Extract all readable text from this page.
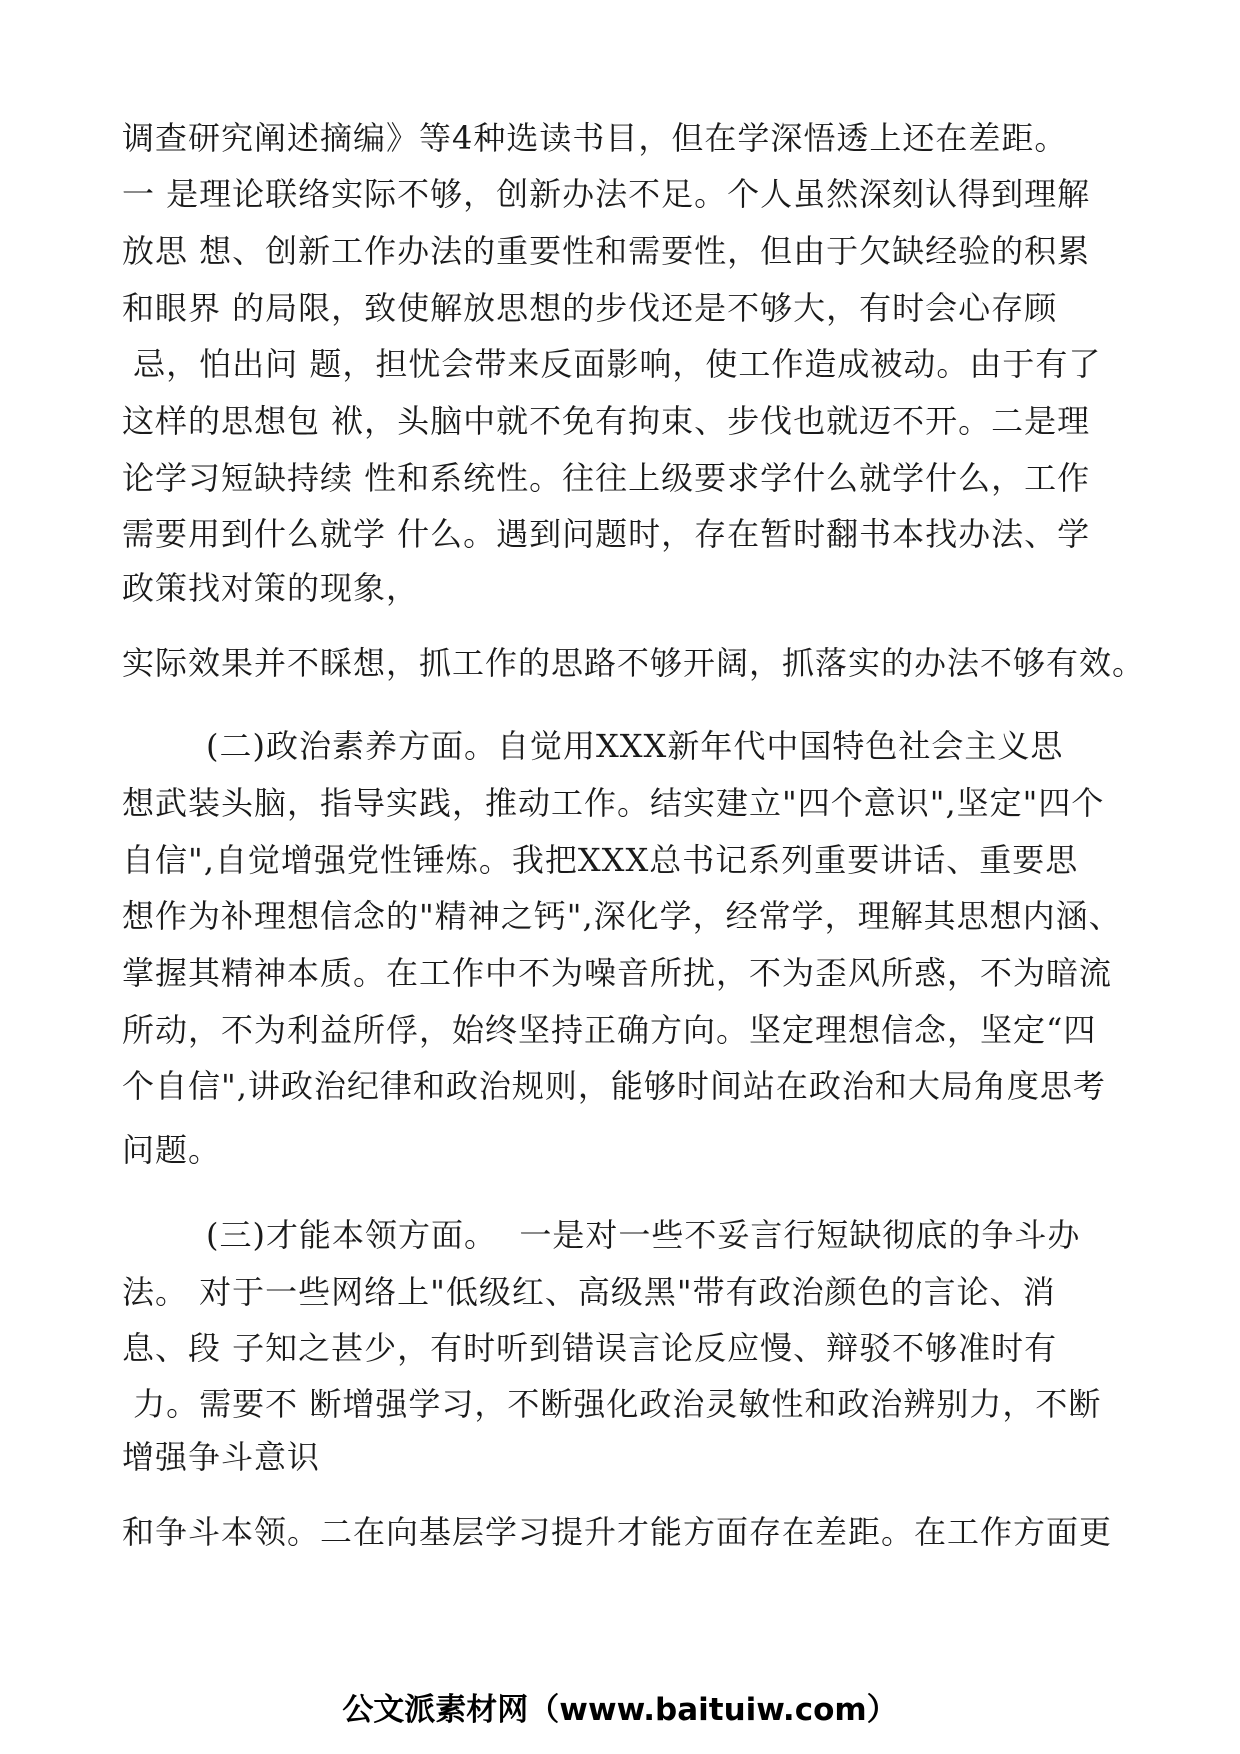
调查研究阐述摘编》等4种选读书目，但在学深悟透上还在差距。
一 是理论联络实际不够，创新办法不足。个人虽然深刻认得到理解
放思 想、创新工作办法的重要性和需要性，但由于欠缺经验的积累
和眼界 的局限，致使解放思想的步伐还是不够大，有时会心存顾
忌，怕出问 题，担忧会带来反面影响，使工作造成被动。由于有了
这样的思想包 袱，头脑中就不免有拘束、步伐也就迈不开。二是理
论学习短缺持续 性和系统性。往往上级要求学什么就学什么，工作
需要用到什么就学 什么。遇到问题时，存在暂时翻书本找办法、学
政策找对策的现象，
实际效果并不睬想，抓工作的思路不够开阔，抓落实的办法不够有效。
(二)政治素养方面。自觉用XXX新年代中国特色社会主义思
想武装头脑，指导实践，推动工作。结实建立"四个意识",坚定"四个
自信",自觉增强党性锤炼。我把XXX总书记系列重要讲话、重要思
想作为补理想信念的"精神之钙",深化学，经常学，理解其思想内涵、
掌握其精神本质。在工作中不为噪音所扰，不为歪风所惑，不为暗流
所动，不为利益所俘，始终坚持正确方向。坚定理想信念，坚定“四
个自信",讲政治纪律和政治规则，能够时间站在政治和大局角度思考
问题。
(三)才能本领方面。  一是对一些不妥言行短缺彻底的争斗办
法。 对于一些网络上"低级红、高级黑"带有政治颜色的言论、消
息、段 子知之甚少，有时听到错误言论反应慢、辩驳不够准时有
力。需要不 断增强学习，不断强化政治灵敏性和政治辨别力，不断
增强争斗意识
和争斗本领。二在向基层学习提升才能方面存在差距。在工作方面更
公文派素材网（www.baituiw.com）
